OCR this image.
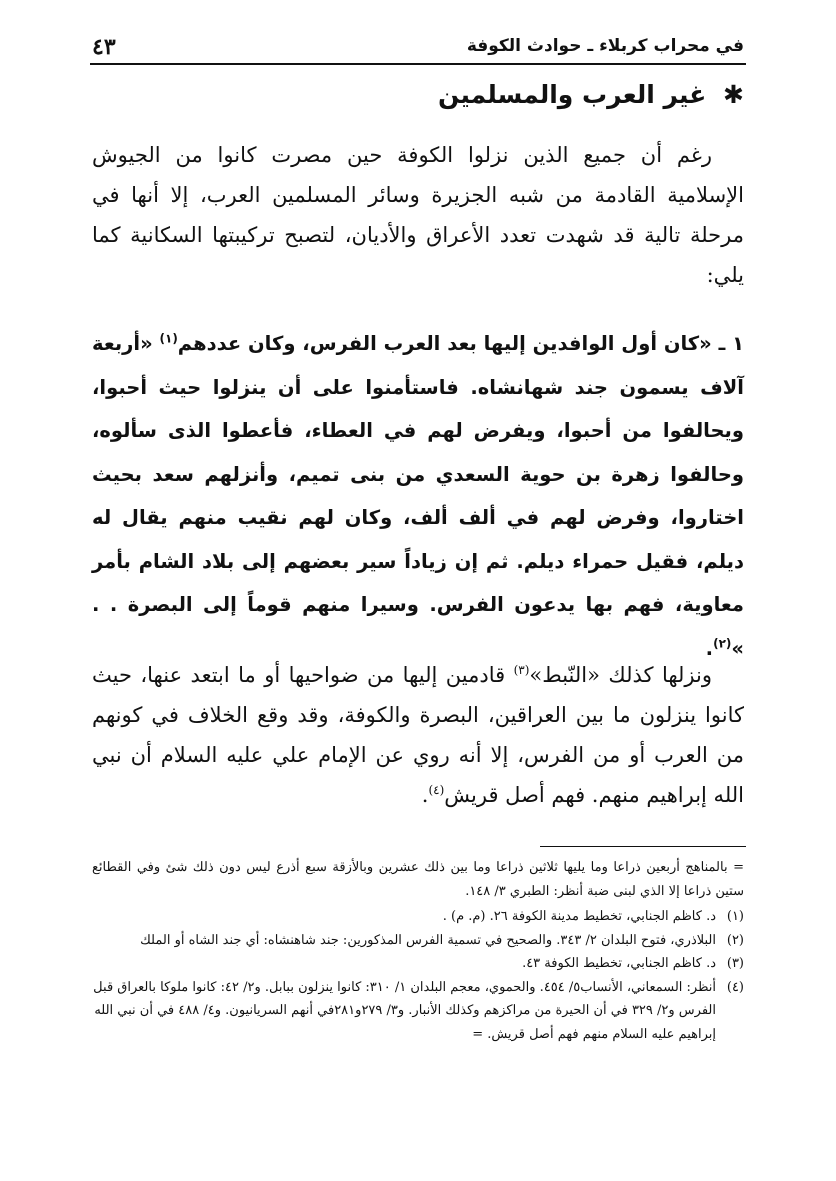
في محراب كربلاء ـ حوادث الكوفة
٤٣
✱ غير العرب والمسلمين

رغم أن جميع الذين نزلوا الكوفة حين مصرت كانوا من الجيوش الإسلامية القادمة من شبه الجزيرة وسائر المسلمين العرب، إلا أنها في مرحلة تالية قد شهدت تعدد الأعراق والأديان، لتصبح تركيبتها السكانية كما يلي:

١ ـ «كان أول الوافدين إليها بعد العرب الفرس، وكان عددهم$^{(١)}$ «أربعة آلاف يسمون جند شهانشاه. فاستأمنوا على أن ينزلوا حيث أحبوا، ويحالفوا من أحبوا، ويفرض لهم في العطاء، فأعطوا الذى سألوه، وحالفوا زهرة بن حوية السعدي من بنى تميم، وأنزلهم سعد بحيث اختاروا، وفرض لهم في ألف ألف، وكان لهم نقيب منهم يقال له ديلم، فقيل حمراء ديلم. ثم إن زياداً سير بعضهم إلى بلاد الشام بأمر معاوية، فهم بها يدعون الفرس. وسيرا منهم قوماً إلى البصرة . . »$^{(٢)}$.

ونزلها كذلك «النّبط»$^{(٣)}$ قادمين إليها من ضواحيها أو ما ابتعد عنها، حيث كانوا ينزلون ما بين العراقين، البصرة والكوفة، وقد وقع الخلاف في كونهم من العرب أو من الفرس، إلا أنه روي عن الإمام علي عليه السلام أن نبي الله إبراهيم منهم. فهم أصل قريش$^{(٤)}$.

= بالمناهج أربعين ذراعا وما يليها ثلاثين ذراعا وما بين ذلك عشرين وبالأزقة سبع أذرع ليس دون ذلك شئ وفي القطائع ستين ذراعا إلا الذي لبنى ضبة أنظر: الطبري ٣/ ١٤٨.

(١)
د. كاظم الجنابي، تخطيط مدينة الكوفة ٢٦. (م. م) .
(٢)
البلاذري، فتوح البلدان ٢/ ٣٤٣. والصحيح في تسمية الفرس المذكورين: جند شاهنشاه: أي جند الشاه أو الملك
(٣)
د. كاظم الجنابي، تخطيط الكوفة ٤٣.
(٤)
أنظر: السمعاني، الأنساب٥/ ٤٥٤. والحموي، معجم البلدان ١/ ٣١٠: كانوا ينزلون ببابل. و٢/ ٤٢: كانوا ملوكا بالعراق قبل الفرس و٢/ ٣٢٩ في أن الحيرة من مراكزهم وكذلك الأنبار. و٣/ ٢٧٩و٢٨١في أنهم السريانيون. و٤/ ٤٨٨ في أن نبي الله إبراهيم عليه السلام منهم فهم أصل قريش. =
